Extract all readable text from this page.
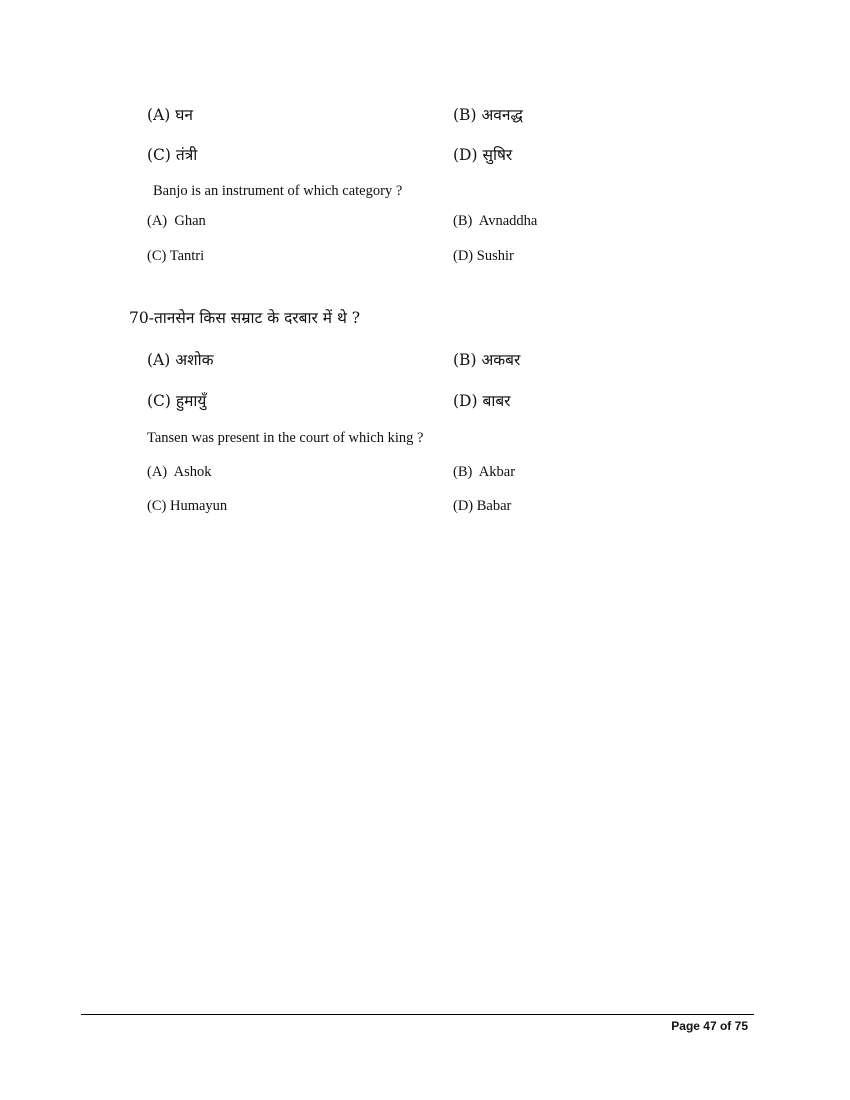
(A) घन	(B) अवनद्ध
(C) तंत्री	(D) सुषिर
Banjo is an instrument of which category ?
(A) Ghan	(B) Avnaddha
(C) Tantri	(D) Sushir
70-तानसेन किस सम्राट के दरबार में थे ?
(A) अशोक	(B) अकबर
(C) हुमायुँ	(D) बाबर
Tansen was present in the court of which king ?
(A) Ashok	(B) Akbar
(C) Humayun	(D) Babar
Page 47 of 75
